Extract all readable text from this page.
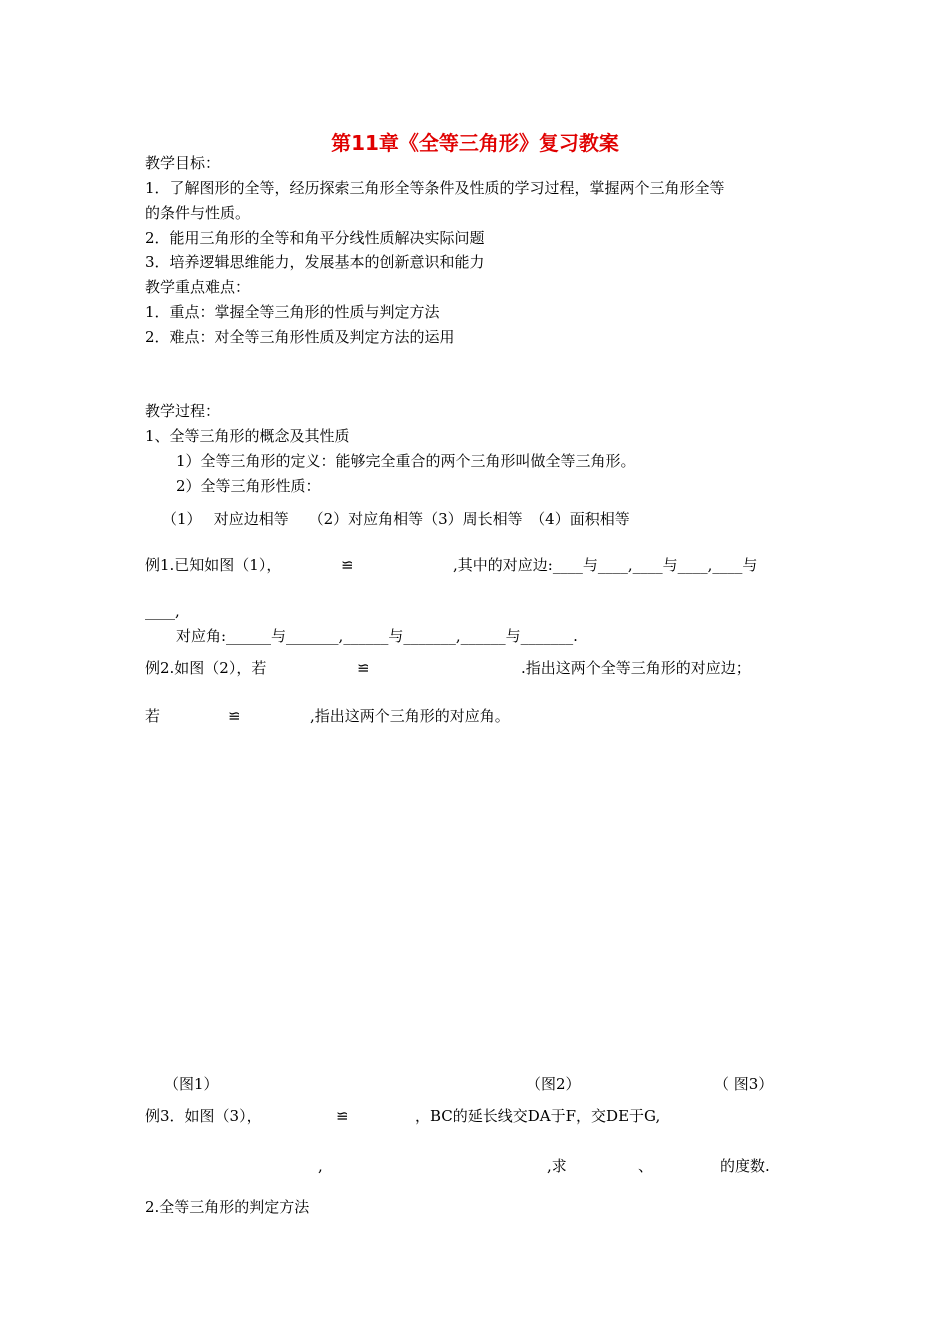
第11章《全等三角形》复习教案
教学目标：
1．了解图形的全等，经历探索三角形全等条件及性质的学习过程，掌握两个三角形全等
的条件与性质。
2．能用三角形的全等和角平分线性质解决实际问题
3．培养逻辑思维能力，发展基本的创新意识和能力
教学重点难点：
1．重点：掌握全等三角形的性质与判定方法
2．难点：对全等三角形性质及判定方法的运用
教学过程：
1、全等三角形的概念及其性质
1）全等三角形的定义：能够完全重合的两个三角形叫做全等三角形。
2）全等三角形性质：
（1）　 对应边相等　 （2）对应角相等（3）周长相等　（4）面积相等
例1.已知如图（1），	≌	,其中的对应边:____与____,____与____,____与
____,
对应角:______与_______,______与_______,______与_______.
例2.如图（2），若	≌	.指出这两个全等三角形的对应边；
若	≌	,指出这两个三角形的对应角。
（图1）	（图2）	（ 图3）
例3．如图（3），	≌	，BC的延长线交DA于F，交DE于G,
,	,求	、	的度数.
2.全等三角形的判定方法
